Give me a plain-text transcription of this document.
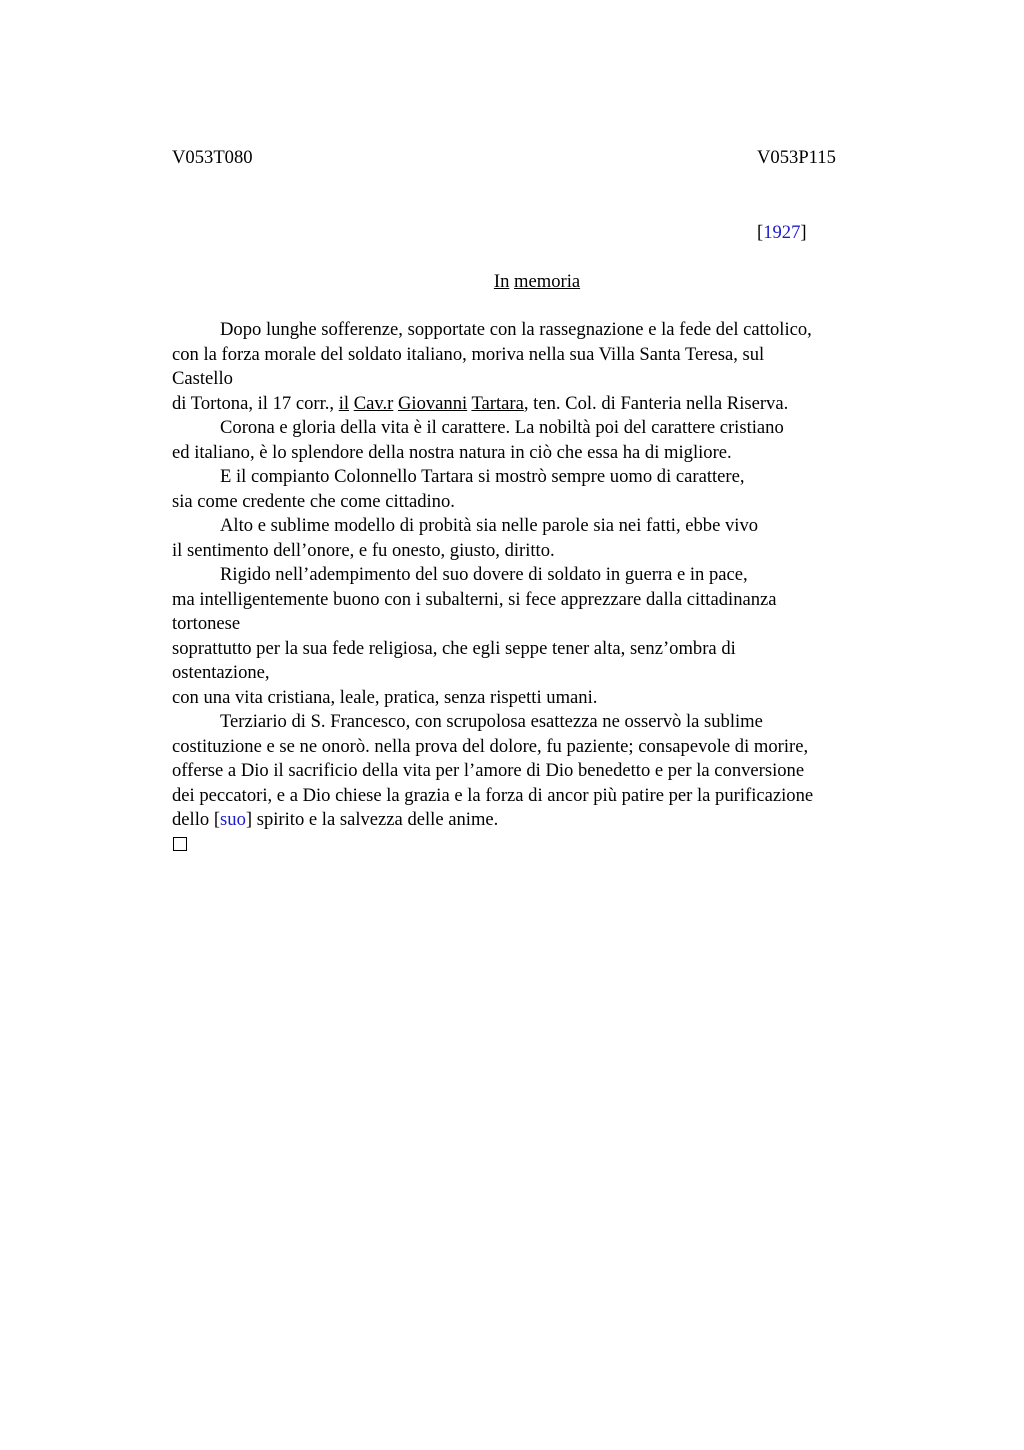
V053T080	V053P115
[1927]
In memoria
Dopo lunghe sofferenze, sopportate con la rassegnazione e la fede del cattolico,
con la forza morale del soldato italiano, moriva nella sua Villa Santa Teresa, sul
Castello
di Tortona, il 17 corr., il Cav.r Giovanni Tartara, ten. Col. di Fanteria nella Riserva.
Corona e gloria della vita è il carattere. La nobiltà poi del carattere cristiano
ed italiano, è lo splendore della nostra natura in ciò che essa ha di migliore.
E il compianto Colonnello Tartara si mostrò sempre uomo di carattere,
sia come credente che come cittadino.
Alto e sublime modello di probità sia nelle parole sia nei fatti, ebbe vivo
il sentimento dell’onore, e fu onesto, giusto, diritto.
Rigido nell’adempimento del suo dovere di soldato in guerra e in pace,
ma intelligentemente buono con i subalterni, si fece apprezzare dalla cittadinanza
tortonese
soprattutto per la sua fede religiosa, che egli seppe tener alta, senz’ombra di
ostentazione,
con una vita cristiana, leale, pratica, senza rispetti umani.
Terziario di S. Francesco, con scrupolosa esattezza ne osservò la sublime
costituzione e se ne onorò. nella prova del dolore, fu paziente; consapevole di morire,
offerse a Dio il sacrificio della vita per l’amore di Dio benedetto e per la conversione
dei peccatori, e a Dio chiese la grazia e la forza di ancor più patire per la purificazione
dello [suo] spirito e la salvezza delle anime.
